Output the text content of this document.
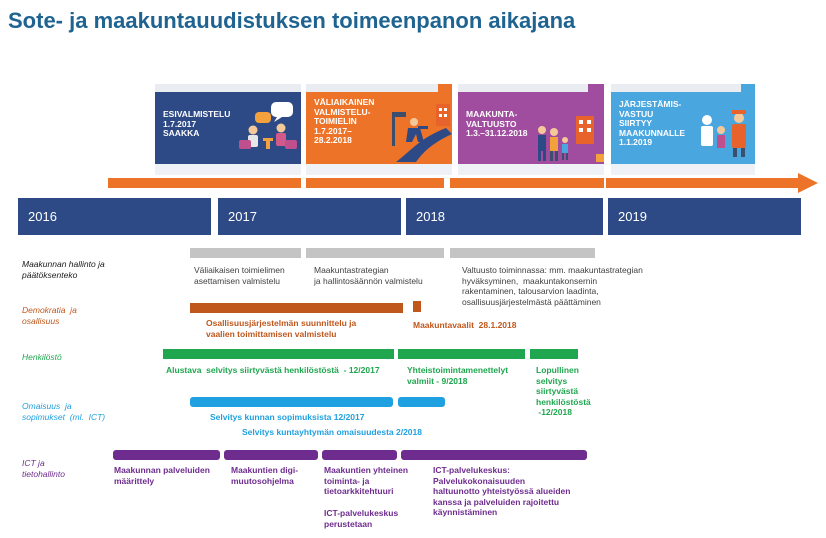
Sote- ja maakuntauudistuksen toimeenpanon aikajana
ESIVALMISTELU
1.7.2017
SAAKKA
VÄLIAIKAINEN
VALMISTELU-
TOIMIELIN
1.7.2017–
28.2.2018
MAAKUNTA-
VALTUUSTO
1.3.–31.12.2018
JÄRJESTÄMIS-
VASTUU
SIIRTYY
MAAKUNNALLE
1.1.2019
2016	2017	2018	2019
Maakunnan hallinto ja
päätöksenteko
Demokratia  ja
osallisuus
Henkilöstö
Omaisuus  ja
sopimukset  (ml.  ICT)
ICT ja
tietohallinto
Väliaikaisen toimielimen
asettamisen valmistelu
Maakuntastrategian
ja hallintosäännön valmistelu
Valtuusto toiminnassa: mm. maakuntastrategian
hyväksyminen,  maakuntakonsernin
rakentaminen, talousarvion laadinta,
osallisuusjärjestelmästä päättäminen
Osallisuusjärjestelmän suunnittelu ja
vaalien toimittamisen valmistelu
Maakuntavaalit  28.1.2018
Alustava  selvitys siirtyvästä henkilöstöstä  - 12/2017	Yhteistoimintamenettelyt
valmiit - 9/2018
Lopullinen
selvitys
siirtyvästä
henkilöstöstä
-12/2018
Selvitys kunnan sopimuksista 12/2017
Selvitys kuntayhtymän omaisuudesta 2/2018
Maakunnan palveluiden
määrittely
Maakuntien digi-
muutosohjelma
Maakuntien yhteinen
toiminta- ja
tietoarkkitehtuuri
ICT-palvelukeskus
perustetaan
ICT-palvelukeskus:
Palvelukokonaisuuden
haltuunotto yhteistyössä alueiden
kanssa ja palveluiden rajoitettu
käynnistäminen
